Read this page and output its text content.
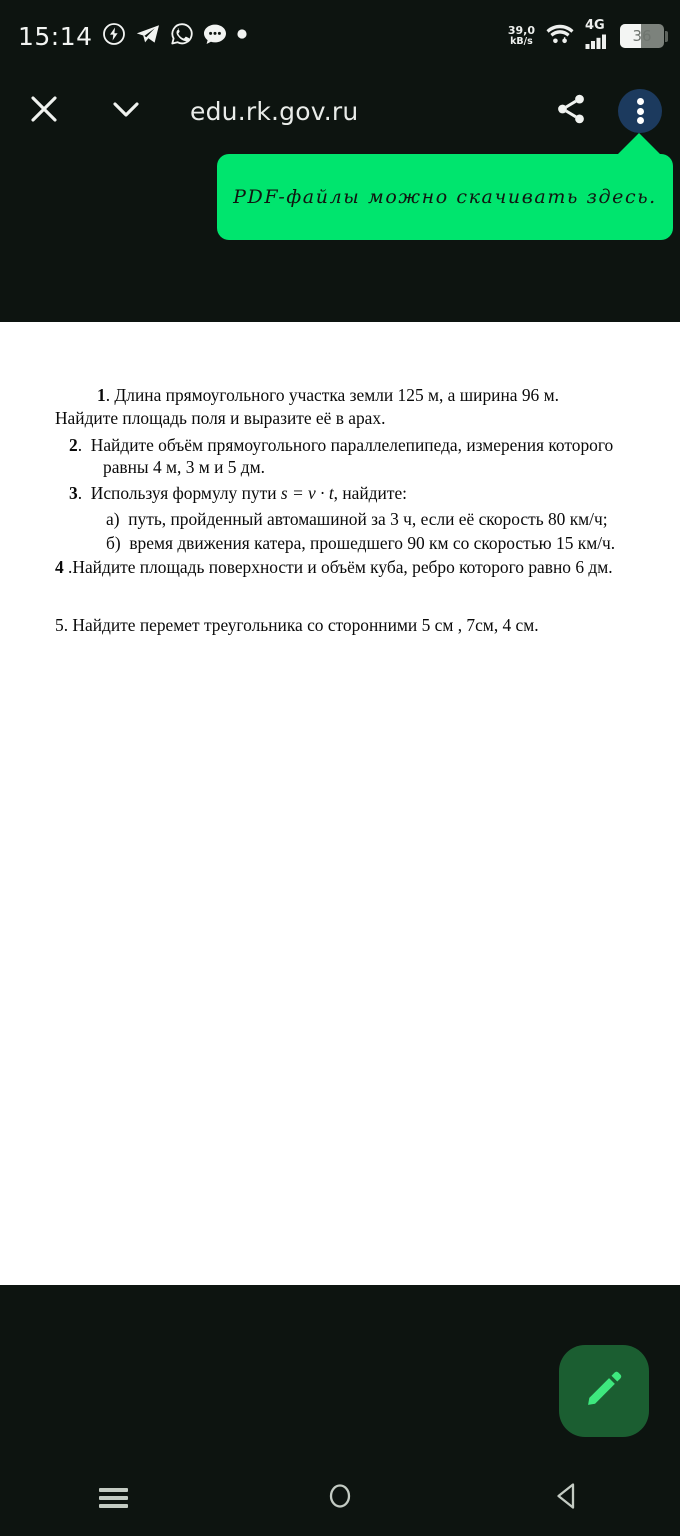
15:14	39,0
kB/s
4G
36
edu.rk.gov.ru
PDF-файлы можно скачивать здесь.

1. Длина прямоугольного участка земли 125 м, а ширина 96 м. Найдите площадь поля и выразите её в арах.

2. Найдите объём прямоугольного параллелепипеда, измерения которого равны 4 м, 3 м и 5 дм.

3. Используя формулу пути s = v · t, найдите:

а) путь, пройденный автомашиной за 3 ч, если её скорость 80 км/ч;

б) время движения катера, прошедшего 90 км со скоростью 15 км/ч.

4 .Найдите площадь поверхности и объём куба, ребро которого равно 6 дм.

5. Найдите перемет треугольника со сторонними 5 см , 7см, 4 см.
